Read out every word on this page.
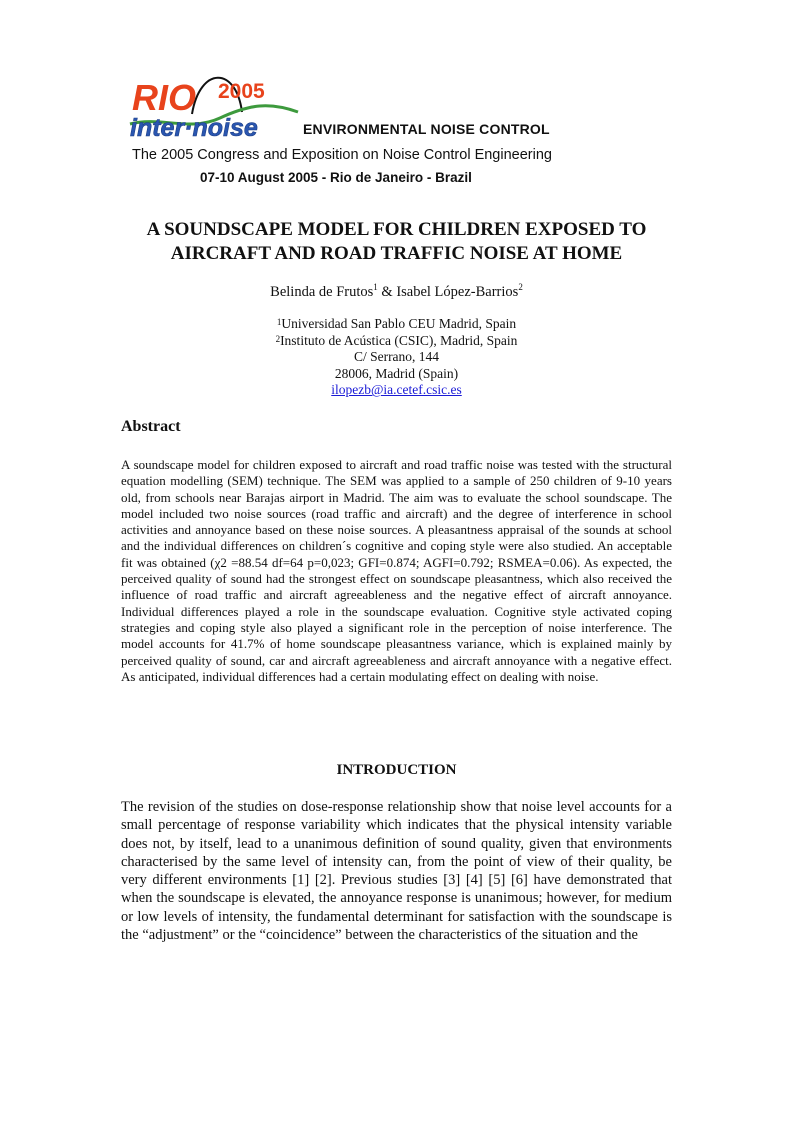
RIO 2005
inter·noise	ENVIRONMENTAL NOISE CONTROL
The 2005 Congress and Exposition on Noise Control Engineering
07-10 August 2005 - Rio de Janeiro - Brazil
A SOUNDSCAPE MODEL FOR CHILDREN EXPOSED TO
AIRCRAFT AND ROAD TRAFFIC NOISE AT HOME
Belinda de Frutos$^1$ & Isabel López-Barrios$^2$
$^1$Universidad San Pablo CEU Madrid, Spain
$^2$Instituto de Acústica (CSIC), Madrid, Spain
C/ Serrano, 144
28006, Madrid (Spain)
ilopezb@ia.cetef.csic.es
Abstract

A soundscape model for children exposed to aircraft and road traffic noise was tested with the structural equation modelling (SEM) technique. The SEM was applied to a sample of 250 children of 9-10 years old, from schools near Barajas airport in Madrid. The aim was to evaluate the school soundscape. The model included two noise sources (road traffic and aircraft) and the degree of interference in school activities and annoyance based on these noise sources. A pleasantness appraisal of the sounds at school and the individual differences on children´s cognitive and coping style were also studied. An acceptable fit was obtained (χ2 =88.54 df=64 p=0,023; GFI=0.874; AGFI=0.792; RSMEA=0.06). As expected, the perceived quality of sound had the strongest effect on soundscape pleasantness, which also received the influence of road traffic and aircraft agreeableness and the negative effect of aircraft annoyance. Individual differences played a role in the soundscape evaluation. Cognitive style activated coping strategies and coping style also played a significant role in the perception of noise interference. The model accounts for 41.7% of home soundscape pleasantness variance, which is explained mainly by perceived quality of sound, car and aircraft agreeableness and aircraft annoyance with a negative effect. As anticipated, individual differences had a certain modulating effect on dealing with noise.

INTRODUCTION

The revision of the studies on dose-response relationship show that noise level accounts for a small percentage of response variability which indicates that the physical intensity variable does not, by itself, lead to a unanimous definition of sound quality, given that environments characterised by the same level of intensity can, from the point of view of their quality, be very different environments [1] [2]. Previous studies [3] [4] [5] [6] have demonstrated that when the soundscape is elevated, the annoyance response is unanimous; however, for medium or low levels of intensity, the fundamental determinant for satisfaction with the soundscape is the “adjustment” or the “coincidence” between the characteristics of the situation and the
